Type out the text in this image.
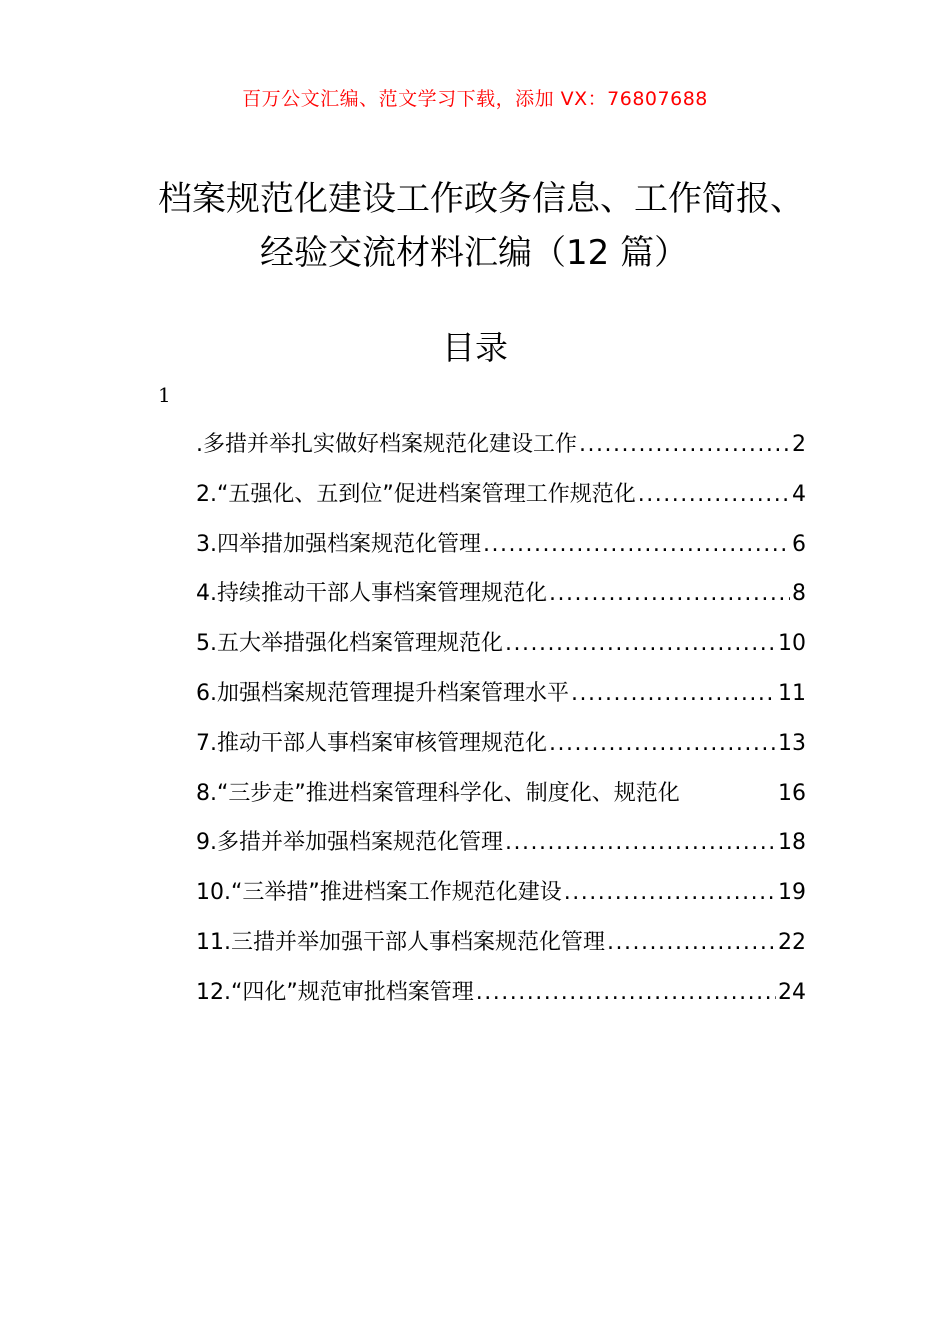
百万公文汇编、范文学习下载，添加 VX：76807688
档案规范化建设工作政务信息、工作简报、
经验交流材料汇编（12 篇）
目录
1
.多措并举扎实做好档案规范化建设工作 .....	2
2.“五强化、五到位”促进档案管理工作规范化 .....	4
3.四举措加强档案规范化管理 .....	6
4.持续推动干部人事档案管理规范化 .....	8
5.五大举措强化档案管理规范化 .....	10
6.加强档案规范管理提升档案管理水平 .....	11
7.推动干部人事档案审核管理规范化 .....	13
8.“三步走”推进档案管理科学化、制度化、规范化	16
9.多措并举加强档案规范化管理 .....	18
10.“三举措”推进档案工作规范化建设 .....	19
11.三措并举加强干部人事档案规范化管理 .....	22
12.“四化”规范审批档案管理 .....	24
